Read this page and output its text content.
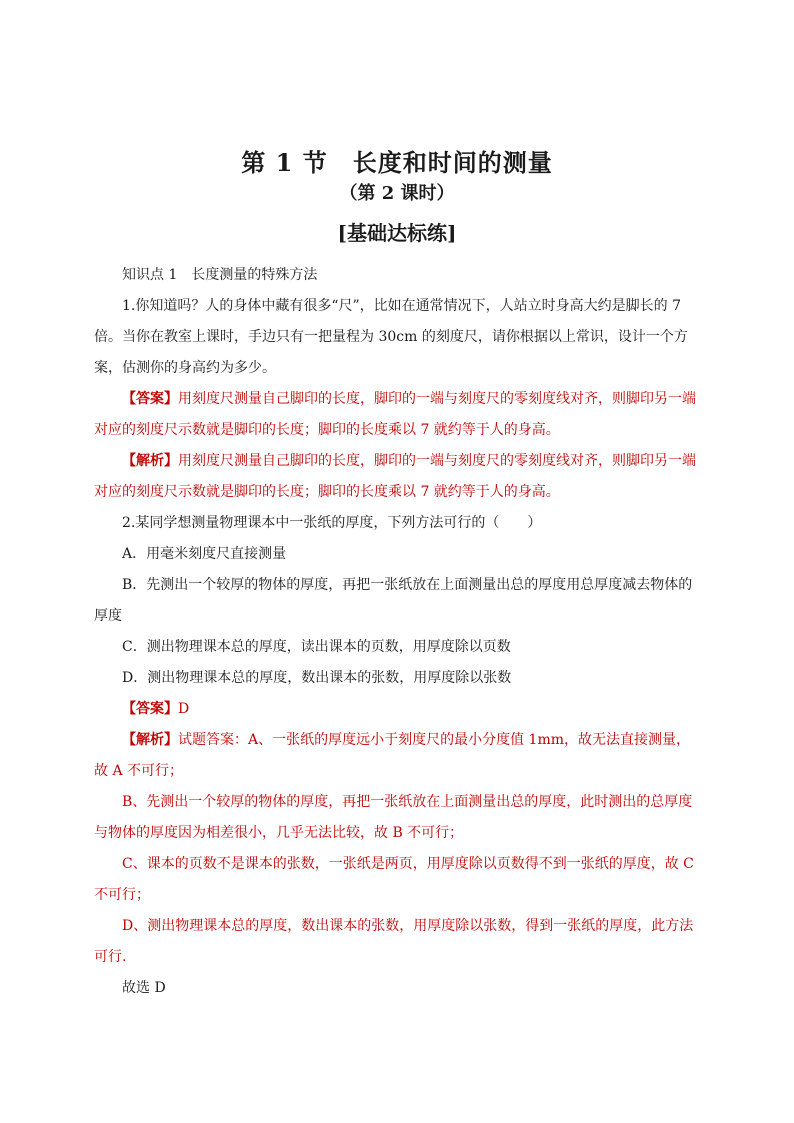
第 1 节　长度和时间的测量
（第 2 课时）
[基础达标练]

知识点 1　长度测量的特殊方法

1.你知道吗？人的身体中藏有很多“尺”，比如在通常情况下，人站立时身高大约是脚长的 7 倍。当你在教室上课时，手边只有一把量程为 30cm 的刻度尺，请你根据以上常识，设计一个方案，估测你的身高约为多少。

【答案】用刻度尺测量自己脚印的长度，脚印的一端与刻度尺的零刻度线对齐，则脚印另一端对应的刻度尺示数就是脚印的长度；脚印的长度乘以 7 就约等于人的身高。

【解析】用刻度尺测量自己脚印的长度，脚印的一端与刻度尺的零刻度线对齐，则脚印另一端对应的刻度尺示数就是脚印的长度；脚印的长度乘以 7 就约等于人的身高。

2.某同学想测量物理课本中一张纸的厚度，下列方法可行的（　　）

A．用毫米刻度尺直接测量

B．先测出一个较厚的物体的厚度，再把一张纸放在上面测量出总的厚度用总厚度减去物体的厚度

C．测出物理课本总的厚度，读出课本的页数，用厚度除以页数

D．测出物理课本总的厚度，数出课本的张数，用厚度除以张数

【答案】D

【解析】试题答案：A、一张纸的厚度远小于刻度尺的最小分度值 1mm，故无法直接测量，故 A 不可行；

B、先测出一个较厚的物体的厚度，再把一张纸放在上面测量出总的厚度，此时测出的总厚度与物体的厚度因为相差很小，几乎无法比较，故 B 不可行；

C、课本的页数不是课本的张数，一张纸是两页，用厚度除以页数得不到一张纸的厚度，故 C 不可行；

D、测出物理课本总的厚度，数出课本的张数，用厚度除以张数，得到一张纸的厚度，此方法可行.

故选 D
